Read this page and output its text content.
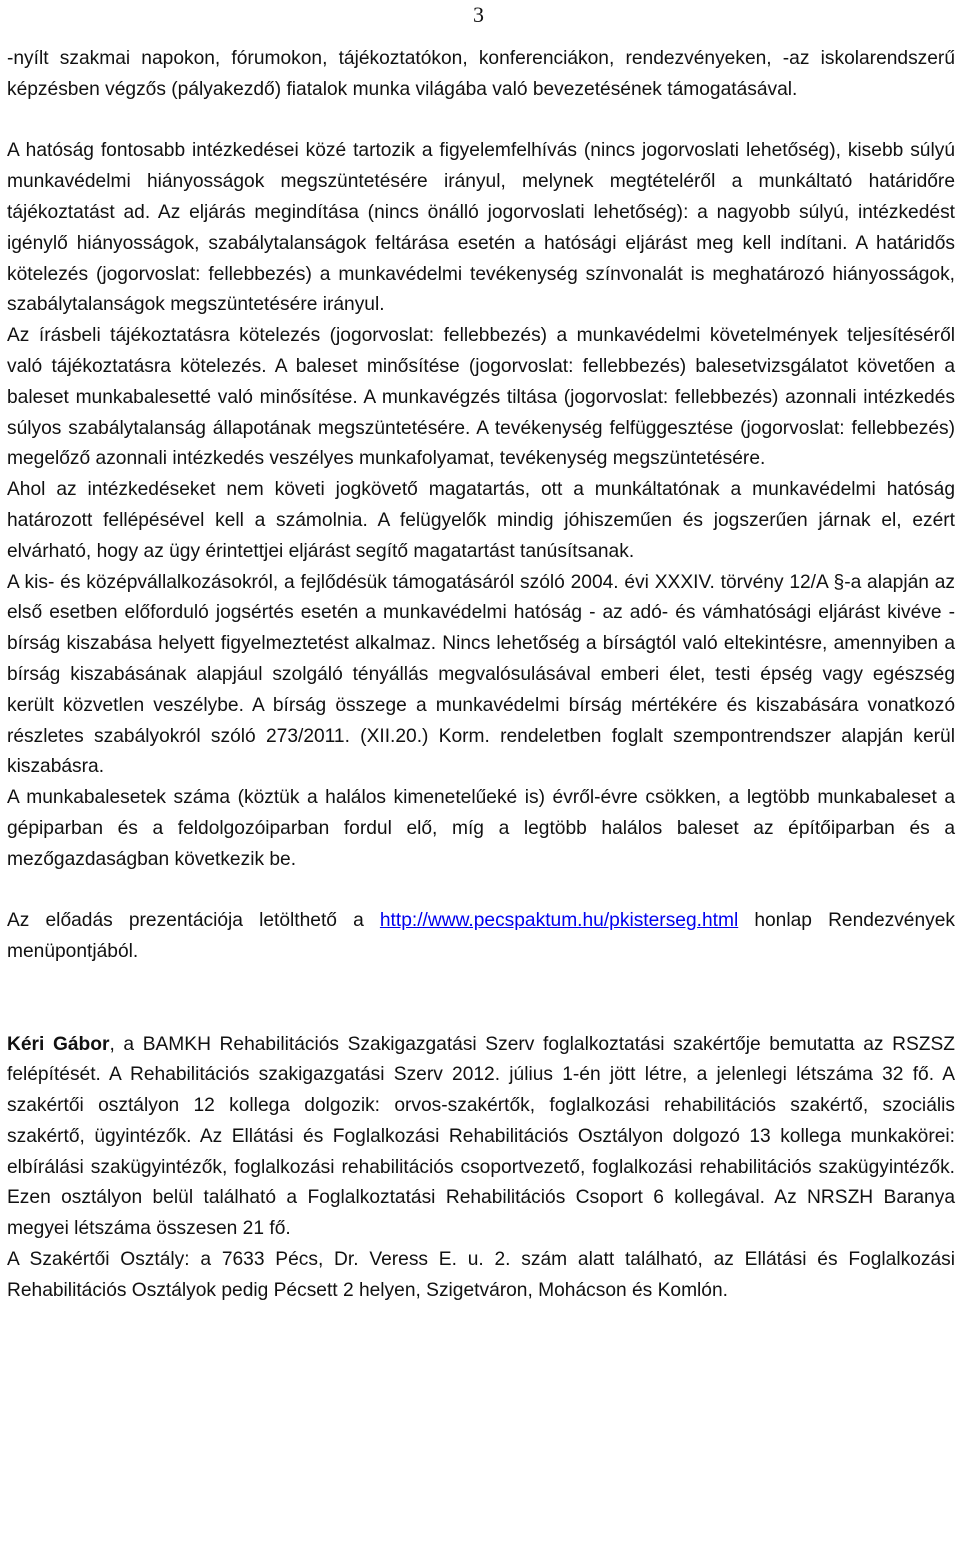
3

-nyílt szakmai napokon, fórumokon, tájékoztatókon, konferenciákon, rendezvényeken, -az iskolarendszerű képzésben végzős (pályakezdő) fiatalok munka világába való bevezetésének támogatásával.

A hatóság fontosabb intézkedései közé tartozik a figyelemfelhívás (nincs jogorvoslati lehetőség), kisebb súlyú munkavédelmi hiányosságok megszüntetésére irányul, melynek megtételéről a munkáltató határidőre tájékoztatást ad. Az eljárás megindítása (nincs önálló jogorvoslati lehetőség): a nagyobb súlyú, intézkedést igénylő hiányosságok, szabálytalanságok feltárása esetén a hatósági eljárást meg kell indítani. A határidős kötelezés (jogorvoslat: fellebbezés) a munkavédelmi tevékenység színvonalát is meghatározó hiányosságok, szabálytalanságok megszüntetésére irányul.

Az írásbeli tájékoztatásra kötelezés (jogorvoslat: fellebbezés) a munkavédelmi követelmények teljesítéséről való tájékoztatásra kötelezés. A baleset minősítése (jogorvoslat: fellebbezés) balesetvizsgálatot követően a baleset munkabalesetté való minősítése. A munkavégzés tiltása (jogorvoslat: fellebbezés) azonnali intézkedés súlyos szabálytalanság állapotának megszüntetésére. A tevékenység felfüggesztése (jogorvoslat: fellebbezés) megelőző azonnali intézkedés veszélyes munkafolyamat, tevékenység megszüntetésére.

Ahol az intézkedéseket nem követi jogkövető magatartás, ott a munkáltatónak a munkavédelmi hatóság határozott fellépésével kell a számolnia. A felügyelők mindig jóhiszeműen és jogszerűen járnak el, ezért elvárható, hogy az ügy érintettjei eljárást segítő magatartást tanúsítsanak.

A kis- és középvállalkozásokról, a fejlődésük támogatásáról szóló 2004. évi XXXIV. törvény 12/A §-a alapján az első esetben előforduló jogsértés esetén a munkavédelmi hatóság - az adó- és vámhatósági eljárást kivéve - bírság kiszabása helyett figyelmeztetést alkalmaz. Nincs lehetőség a bírságtól való eltekintésre, amennyiben a bírság kiszabásának alapjául szolgáló tényállás megvalósulásával emberi élet, testi épség vagy egészség került közvetlen veszélybe. A bírság összege a munkavédelmi bírság mértékére és kiszabására vonatkozó részletes szabályokról szóló 273/2011. (XII.20.) Korm. rendeletben foglalt szempontrendszer alapján kerül kiszabásra.

A munkabalesetek száma (köztük a halálos kimenetelűeké is) évről-évre csökken, a legtöbb munkabaleset a gépiparban és a feldolgozóiparban fordul elő, míg a legtöbb halálos baleset az építőiparban és a mezőgazdaságban következik be.

Az előadás prezentációja letölthető a http://www.pecspaktum.hu/pkisterseg.html honlap Rendezvények menüpontjából.

Kéri Gábor, a BAMKH Rehabilitációs Szakigazgatási Szerv foglalkoztatási szakértője bemutatta az RSZSZ felépítését. A Rehabilitációs szakigazgatási Szerv 2012. július 1-én jött létre, a jelenlegi létszáma 32 fő. A szakértői osztályon 12 kollega dolgozik: orvos-szakértők, foglalkozási rehabilitációs szakértő, szociális szakértő, ügyintézők. Az Ellátási és Foglalkozási Rehabilitációs Osztályon dolgozó 13 kollega munkakörei: elbírálási szakügyintézők, foglalkozási rehabilitációs csoportvezető, foglalkozási rehabilitációs szakügyintézők. Ezen osztályon belül található a Foglalkoztatási Rehabilitációs Csoport 6 kollegával. Az NRSZH Baranya megyei létszáma összesen 21 fő.

A Szakértői Osztály: a 7633 Pécs, Dr. Veress E. u. 2. szám alatt található, az Ellátási és Foglalkozási Rehabilitációs Osztályok pedig Pécsett 2 helyen, Szigetváron, Mohácson és Komlón.
